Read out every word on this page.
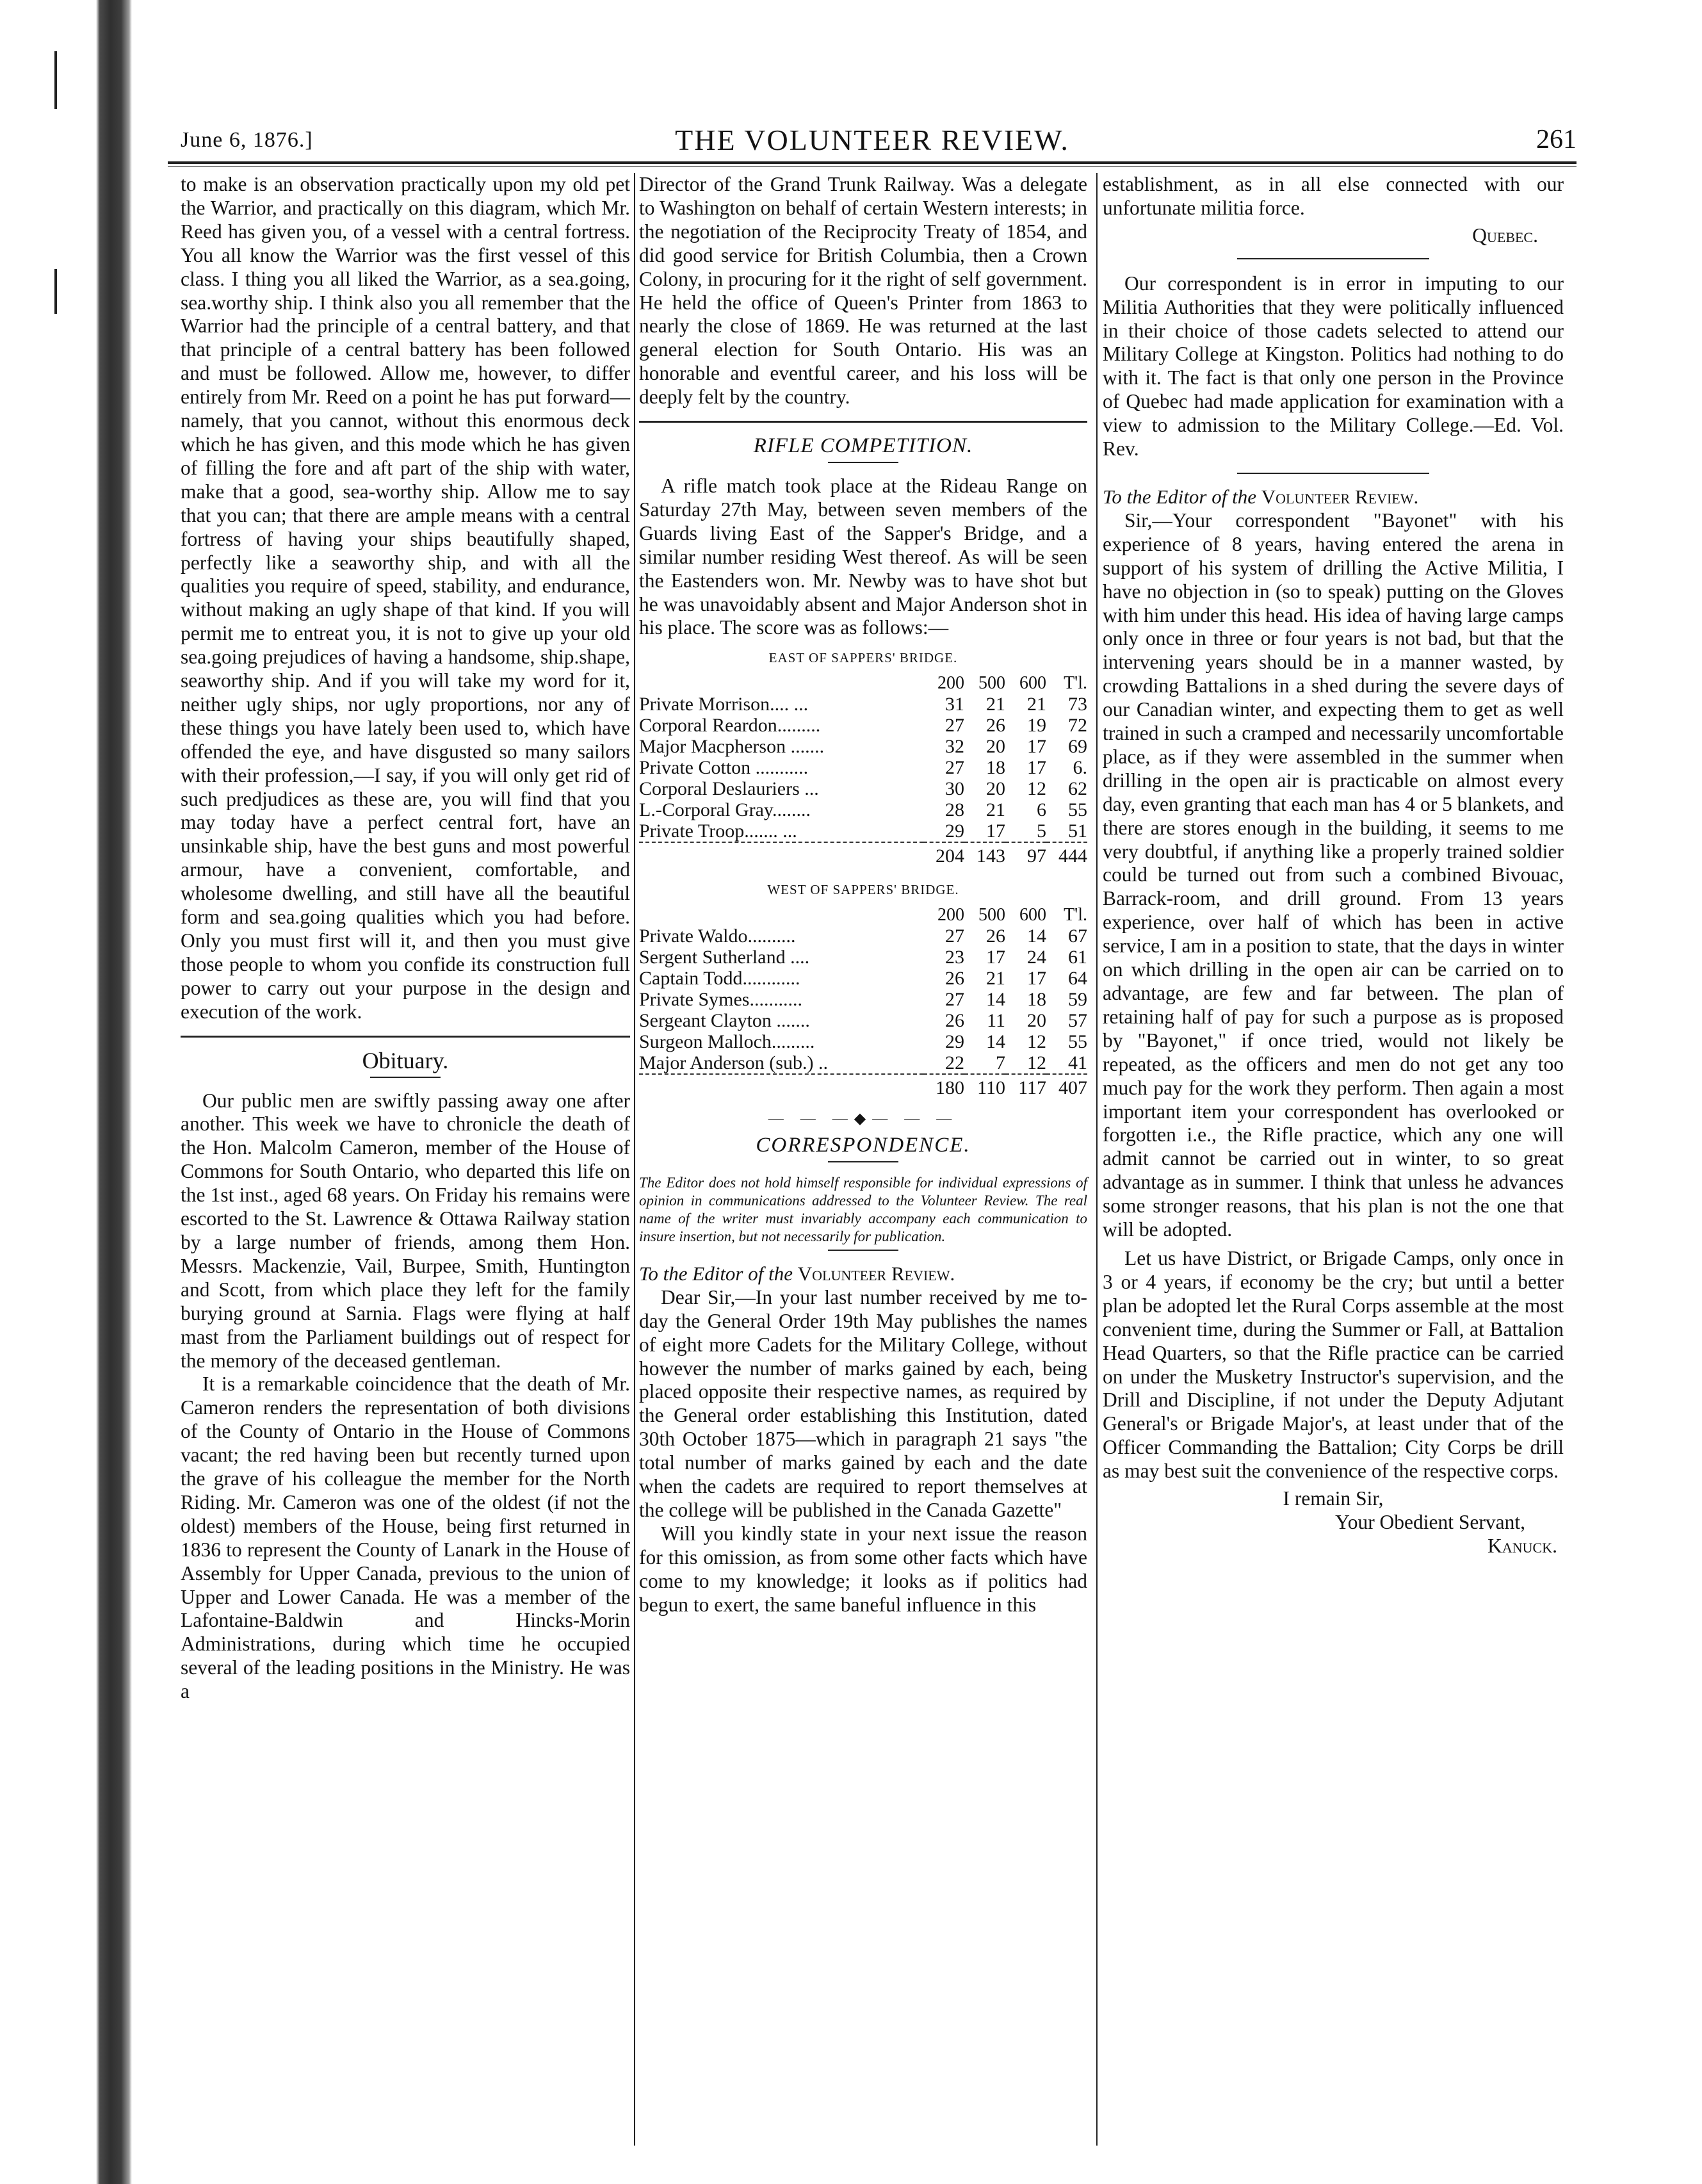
June 6, 1876.]	THE VOLUNTEER REVIEW.	261

to make is an observation practically upon my old pet the Warrior, and practically on this diagram, which Mr. Reed has given you, of a vessel with a central fortress. You all know the Warrior was the first vessel of this class. I thing you all liked the Warrior, as a sea.going, sea.worthy ship. I think also you all remember that the Warrior had the principle of a central battery, and that that principle of a central battery has been followed and must be followed. Allow me, however, to differ entirely from Mr. Reed on a point he has put forward—namely, that you cannot, without this enormous deck which he has given, and this mode which he has given of filling the fore and aft part of the ship with water, make that a good, sea-worthy ship. Allow me to say that you can; that there are ample means with a central fortress of having your ships beautifully shaped, perfectly like a seaworthy ship, and with all the qualities you require of speed, stability, and endurance, without making an ugly shape of that kind. If you will permit me to entreat you, it is not to give up your old sea.going prejudices of having a handsome, ship.shape, seaworthy ship. And if you will take my word for it, neither ugly ships, nor ugly proportions, nor any of these things you have lately been used to, which have offended the eye, and have disgusted so many sailors with their profession,—I say, if you will only get rid of such predjudices as these are, you will find that you may today have a perfect central fort, have an unsinkable ship, have the best guns and most powerful armour, have a convenient, comfortable, and wholesome dwelling, and still have all the beautiful form and sea.going qualities which you had before. Only you must first will it, and then you must give those people to whom you confide its construction full power to carry out your purpose in the design and execution of the work.

Obituary.

Our public men are swiftly passing away one after another. This week we have to chronicle the death of the Hon. Malcolm Cameron, member of the House of Commons for South Ontario, who departed this life on the 1st inst., aged 68 years. On Friday his remains were escorted to the St. Lawrence & Ottawa Railway station by a large number of friends, among them Hon. Messrs. Mackenzie, Vail, Burpee, Smith, Huntington and Scott, from which place they left for the family burying ground at Sarnia. Flags were flying at half mast from the Parliament buildings out of respect for the memory of the deceased gentleman.

It is a remarkable coincidence that the death of Mr. Cameron renders the representation of both divisions of the County of Ontario in the House of Commons vacant; the red having been but recently turned upon the grave of his colleague the member for the North Riding. Mr. Cameron was one of the oldest (if not the oldest) members of the House, being first returned in 1836 to represent the County of Lanark in the House of Assembly for Upper Canada, previous to the union of Upper and Lower Canada. He was a member of the Lafontaine-Baldwin and Hincks-Morin Administrations, during which time he occupied several of the leading positions in the Ministry. He was a

Director of the Grand Trunk Railway. Was a delegate to Washington on behalf of certain Western interests; in the negotiation of the Reciprocity Treaty of 1854, and did good service for British Columbia, then a Crown Colony, in procuring for it the right of self government. He held the office of Queen's Printer from 1863 to nearly the close of 1869. He was returned at the last general election for South Ontario. His was an honorable and eventful career, and his loss will be deeply felt by the country.

RIFLE COMPETITION.

A rifle match took place at the Rideau Range on Saturday 27th May, between seven members of the Guards living East of the Sapper's Bridge, and a similar number residing West thereof. As will be seen the Eastenders won. Mr. Newby was to have shot but he was unavoidably absent and Major Anderson shot in his place. The score was as follows:—

EAST OF SAPPERS' BRIDGE.
	200	500	600	T'l.
Private Morrison.... ...	31	21	21	73
Corporal Reardon.........	27	26	19	72
Major Macpherson .......	32	20	17	69
Private Cotton ...........	27	18	17	6.
Corporal Deslauriers ...	30	20	12	62
L.-Corporal Gray........	28	21	6	55
Private Troop....... ...	29	17	5	51
	204	143	97	444
WEST OF SAPPERS' BRIDGE.
	200	500	600	T'l.
Private Waldo..........	27	26	14	67
Sergent Sutherland ....	23	17	24	61
Captain Todd............	26	21	17	64
Private Symes...........	27	14	18	59
Sergeant Clayton .......	26	11	20	57
Surgeon Malloch.........	29	14	12	55
Major Anderson (sub.) ..	22	7	12	41
	180	110	117	407
— — —◆— — —

CORRESPONDENCE.

The Editor does not hold himself responsible for individual expressions of opinion in communications addressed to the Volunteer Review. The real name of the writer must invariably accompany each communication to insure insertion, but not necessarily for publication.

To the Editor of the Volunteer Review.

Dear Sir,—In your last number received by me to-day the General Order 19th May publishes the names of eight more Cadets for the Military College, without however the number of marks gained by each, being placed opposite their respective names, as required by the General order establishing this Institution, dated 30th October 1875—which in paragraph 21 says "the total number of marks gained by each and the date when the cadets are required to report themselves at the college will be published in the Canada Gazette"

Will you kindly state in your next issue the reason for this omission, as from some other facts which have come to my knowledge; it looks as if politics had begun to exert, the same baneful influence in this

establishment, as in all else connected with our unfortunate militia force.

Quebec.

Our correspondent is in error in imputing to our Militia Authorities that they were politically influenced in their choice of those cadets selected to attend our Military College at Kingston. Politics had nothing to do with it. The fact is that only one person in the Province of Quebec had made application for examination with a view to admission to the Military College.—Ed. Vol. Rev.

To the Editor of the Volunteer Review.

Sir,—Your correspondent "Bayonet" with his experience of 8 years, having entered the arena in support of his system of drilling the Active Militia, I have no objection in (so to speak) putting on the Gloves with him under this head. His idea of having large camps only once in three or four years is not bad, but that the intervening years should be in a manner wasted, by crowding Battalions in a shed during the severe days of our Canadian winter, and expecting them to get as well trained in such a cramped and necessarily uncomfortable place, as if they were assembled in the summer when drilling in the open air is practicable on almost every day, even granting that each man has 4 or 5 blankets, and there are stores enough in the building, it seems to me very doubtful, if anything like a properly trained soldier could be turned out from such a combined Bivouac, Barrack-room, and drill ground. From 13 years experience, over half of which has been in active service, I am in a position to state, that the days in winter on which drilling in the open air can be carried on to advantage, are few and far between. The plan of retaining half of pay for such a purpose as is proposed by "Bayonet," if once tried, would not likely be repeated, as the officers and men do not get any too much pay for the work they perform. Then again a most important item your correspondent has overlooked or forgotten i.e., the Rifle practice, which any one will admit cannot be carried out in winter, to so great advantage as in summer. I think that unless he advances some stronger reasons, that his plan is not the one that will be adopted.

Let us have District, or Brigade Camps, only once in 3 or 4 years, if economy be the cry; but until a better plan be adopted let the Rural Corps assemble at the most convenient time, during the Summer or Fall, at Battalion Head Quarters, so that the Rifle practice can be carried on under the Musketry Instructor's supervision, and the Drill and Discipline, if not under the Deputy Adjutant General's or Brigade Major's, at least under that of the Officer Commanding the Battalion; City Corps be drill as may best suit the convenience of the respective corps.

I remain Sir,

Your Obedient Servant,

Kanuck.
